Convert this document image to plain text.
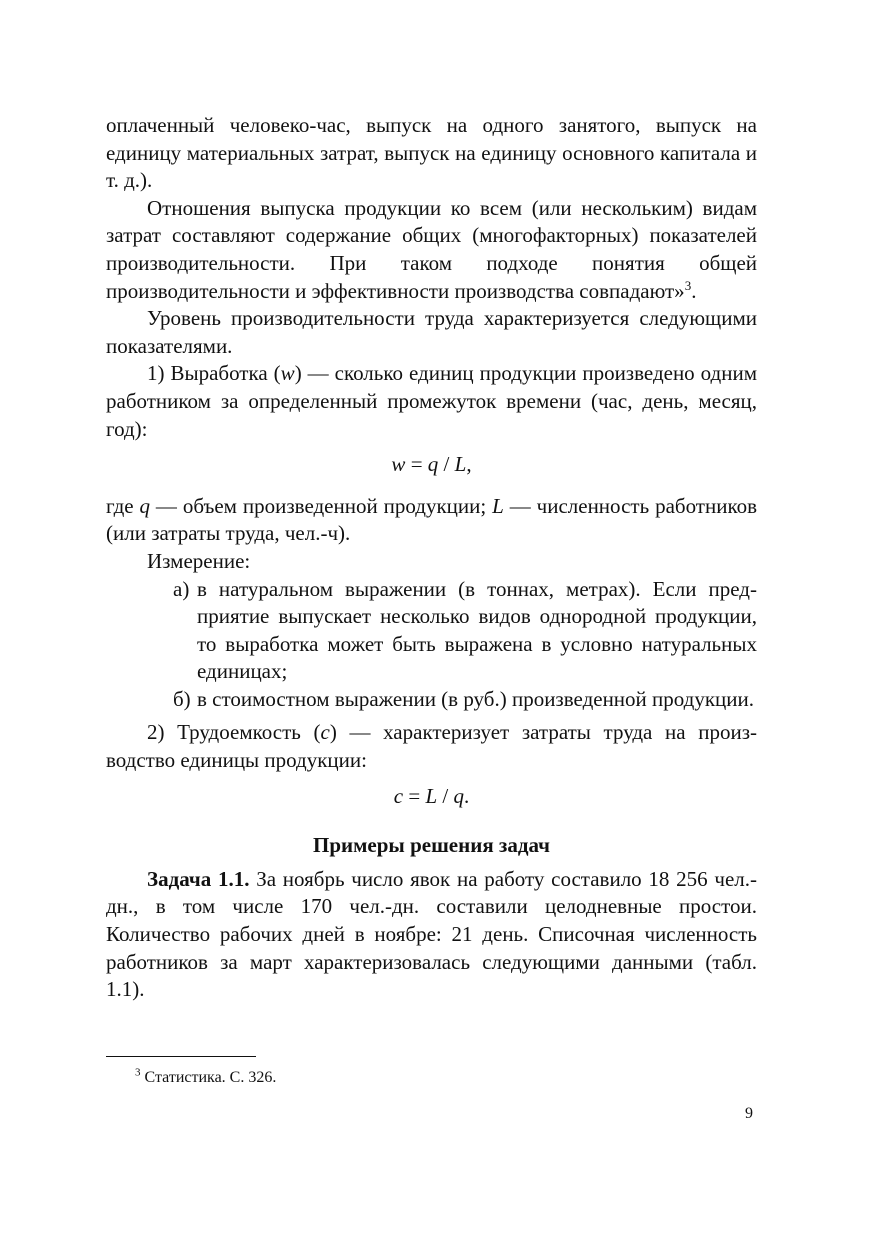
оплаченный человеко-час, выпуск на одного занятого, выпуск на единицу материальных затрат, выпуск на единицу основного капитала и т. д.).

Отношения выпуска продукции ко всем (или нескольким) видам затрат составляют содержание общих (многофакторных) показателей производительности. При таком подходе понятия общей производительности и эффективности производства совпадают»$^3$.

Уровень производительности труда характеризуется следующими показателями.

1) Выработка (w) — сколько единиц продукции произведено одним работником за определенный промежуток времени (час, день, месяц, год):

w = q / L,

где q — объем произведенной продукции; L — численность работников (или затраты труда, чел.-ч).

Измерение:

а) в натуральном выражении (в тоннах, метрах). Если предприятие выпускает несколько видов однородной продукции, то выработка может быть выражена в условно натуральных единицах;
б) в стоимостном выражении (в руб.) произведенной продукции.

2) Трудоемкость (c) — характеризует затраты труда на производство единицы продукции:

c = L / q.

Примеры решения задач

Задача 1.1. За ноябрь число явок на работу составило 18 256 чел.-дн., в том числе 170 чел.-дн. составили целодневные простои. Количество рабочих дней в ноябре: 21 день. Списочная численность работников за март характеризовалась следующими данными (табл. 1.1).

$^3$ Статистика. С. 326.
9
